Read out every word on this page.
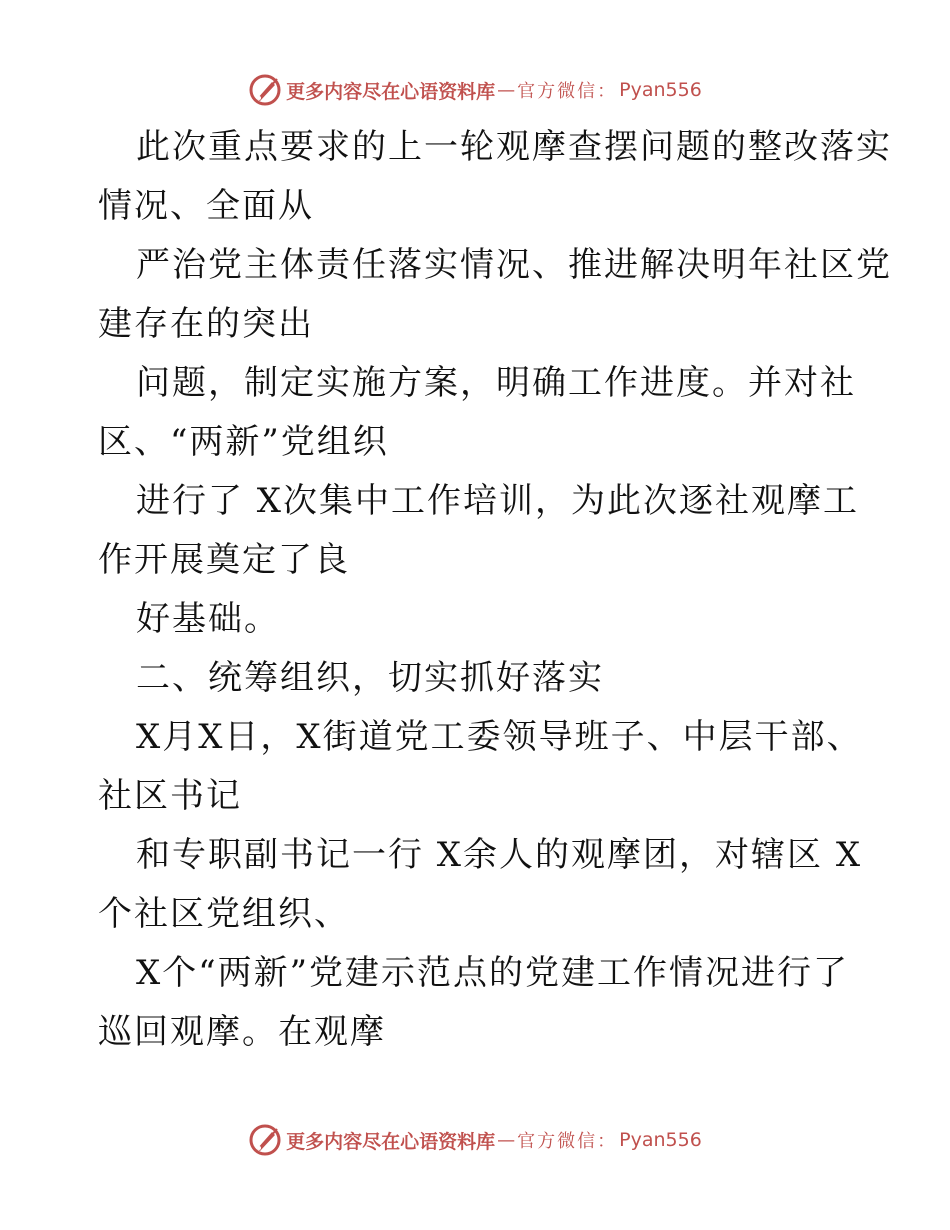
更多内容尽在心语资料库 — 官方微信： Pyan556
此次重点要求的上一轮观摩查摆问题的整改落实
情况、全面从
严治党主体责任落实情况、推进解决明年社区党
建存在的突出
问题，制定实施方案，明确工作进度。并对社
区、“两新”党组织
进行了 X次集中工作培训，为此次逐社观摩工
作开展奠定了良
好基础。
二、统筹组织，切实抓好落实
X月X日，X街道党工委领导班子、中层干部、
社区书记
和专职副书记一行 X余人的观摩团，对辖区 X
个社区党组织、
X个“两新”党建示范点的党建工作情况进行了
巡回观摩。在观摩
更多内容尽在心语资料库 — 官方微信： Pyan556
